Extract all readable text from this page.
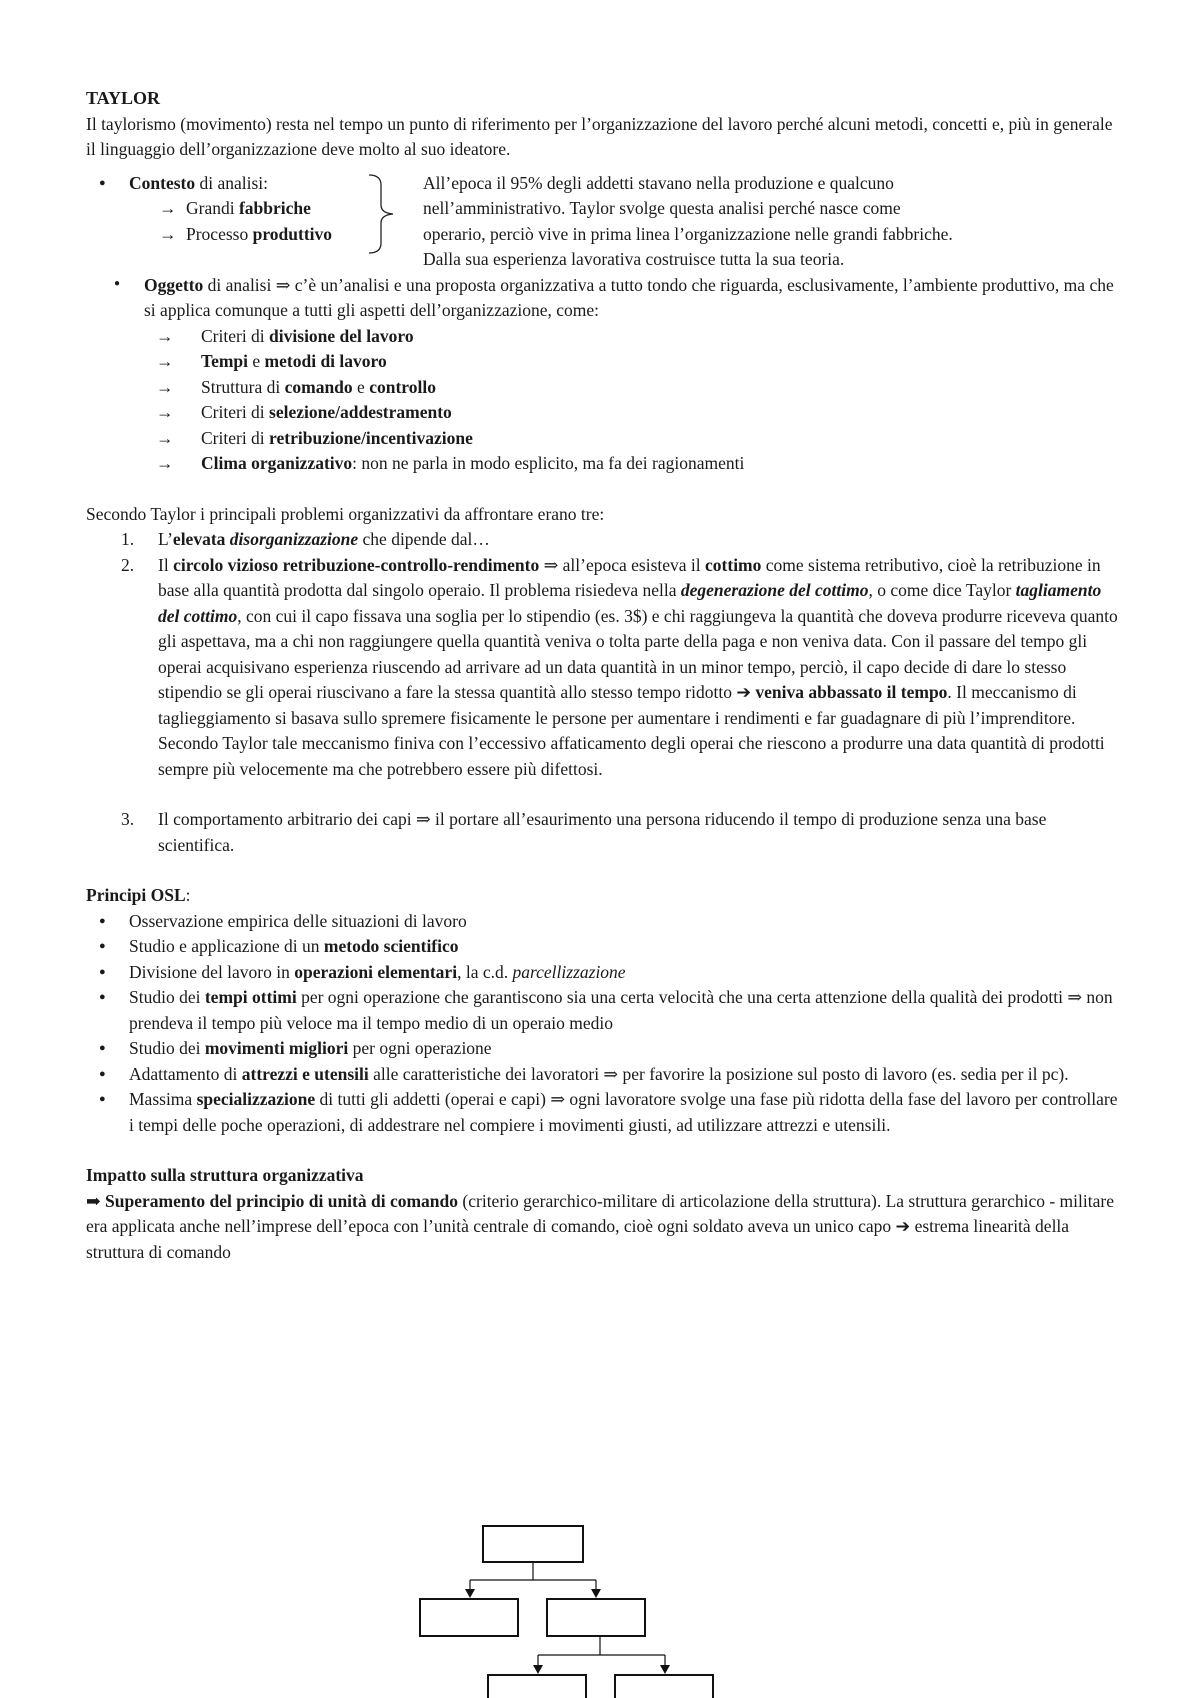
TAYLOR

Il taylorismo (movimento) resta nel tempo un punto di riferimento per l’organizzazione del lavoro perché alcuni metodi, concetti e, più in generale il linguaggio dell’organizzazione deve molto al suo ideatore.

● Contesto di analisi:
→ Grandi fabbriche
→ Processo produttivo
All’epoca il 95% degli addetti stavano nella produzione e qualcuno nell’amministrativo. Taylor svolge questa analisi perché nasce come operario, perciò vive in prima linea l’organizzazione nelle grandi fabbriche. Dalla sua esperienza lavorativa costruisce tutta la sua teoria.
● Oggetto di analisi ⇒ c’è un’analisi e una proposta organizzativa a tutto tondo che riguarda, esclusivamente, l’ambiente produttivo, ma che si applica comunque a tutti gli aspetti dell’organizzazione, come:
→ Criteri di divisione del lavoro
→ Tempi e metodi di lavoro
→ Struttura di comando e controllo
→ Criteri di selezione/addestramento
→ Criteri di retribuzione/incentivazione
→ Clima organizzativo: non ne parla in modo esplicito, ma fa dei ragionamenti

Secondo Taylor i principali problemi organizzativi da affrontare erano tre:

1. L’elevata disorganizzazione che dipende dal…
2. Il circolo vizioso retribuzione-controllo-rendimento ⇒ all’epoca esisteva il cottimo come sistema retributivo, cioè la retribuzione in base alla quantità prodotta dal singolo operaio. Il problema risiedeva nella degenerazione del cottimo, o come dice Taylor tagliamento del cottimo, con cui il capo fissava una soglia per lo stipendio (es. 3$) e chi raggiungeva la quantità che doveva produrre riceveva quanto gli aspettava, ma a chi non raggiungere quella quantità veniva o tolta parte della paga e non veniva data. Con il passare del tempo gli operai acquisivano esperienza riuscendo ad arrivare ad un data quantità in un minor tempo, perciò, il capo decide di dare lo stesso stipendio se gli operai riuscivano a fare la stessa quantità allo stesso tempo ridotto ➔ veniva abbassato il tempo. Il meccanismo di taglieggiamento si basava sullo spremere fisicamente le persone per aumentare i rendimenti e far guadagnare di più l’imprenditore. Secondo Taylor tale meccanismo finiva con l’eccessivo affaticamento degli operai che riescono a produrre una data quantità di prodotti sempre più velocemente ma che potrebbero essere più difettosi.
3. Il comportamento arbitrario dei capi ⇒ il portare all’esaurimento una persona riducendo il tempo di produzione senza una base scientifica.

Principi OSL:

● Osservazione empirica delle situazioni di lavoro
● Studio e applicazione di un metodo scientifico
● Divisione del lavoro in operazioni elementari, la c.d. parcellizzazione
● Studio dei tempi ottimi per ogni operazione che garantiscono sia una certa velocità che una certa attenzione della qualità dei prodotti ⇒ non prendeva il tempo più veloce ma il tempo medio di un operaio medio
● Studio dei movimenti migliori per ogni operazione
● Adattamento di attrezzi e utensili alle caratteristiche dei lavoratori ⇒ per favorire la posizione sul posto di lavoro (es. sedia per il pc).
● Massima specializzazione di tutti gli addetti (operai e capi) ⇒ ogni lavoratore svolge una fase più ridotta della fase del lavoro per controllare i tempi delle poche operazioni, di addestrare nel compiere i movimenti giusti, ad utilizzare attrezzi e utensili.

Impatto sulla struttura organizzativa

➡ Superamento del principio di unità di comando (criterio gerarchico-militare di articolazione della struttura). La struttura gerarchico - militare era applicata anche nell’imprese dell’epoca con l’unità centrale di comando, cioè ogni soldato aveva un unico capo ➔ estrema linearità della struttura di comando
